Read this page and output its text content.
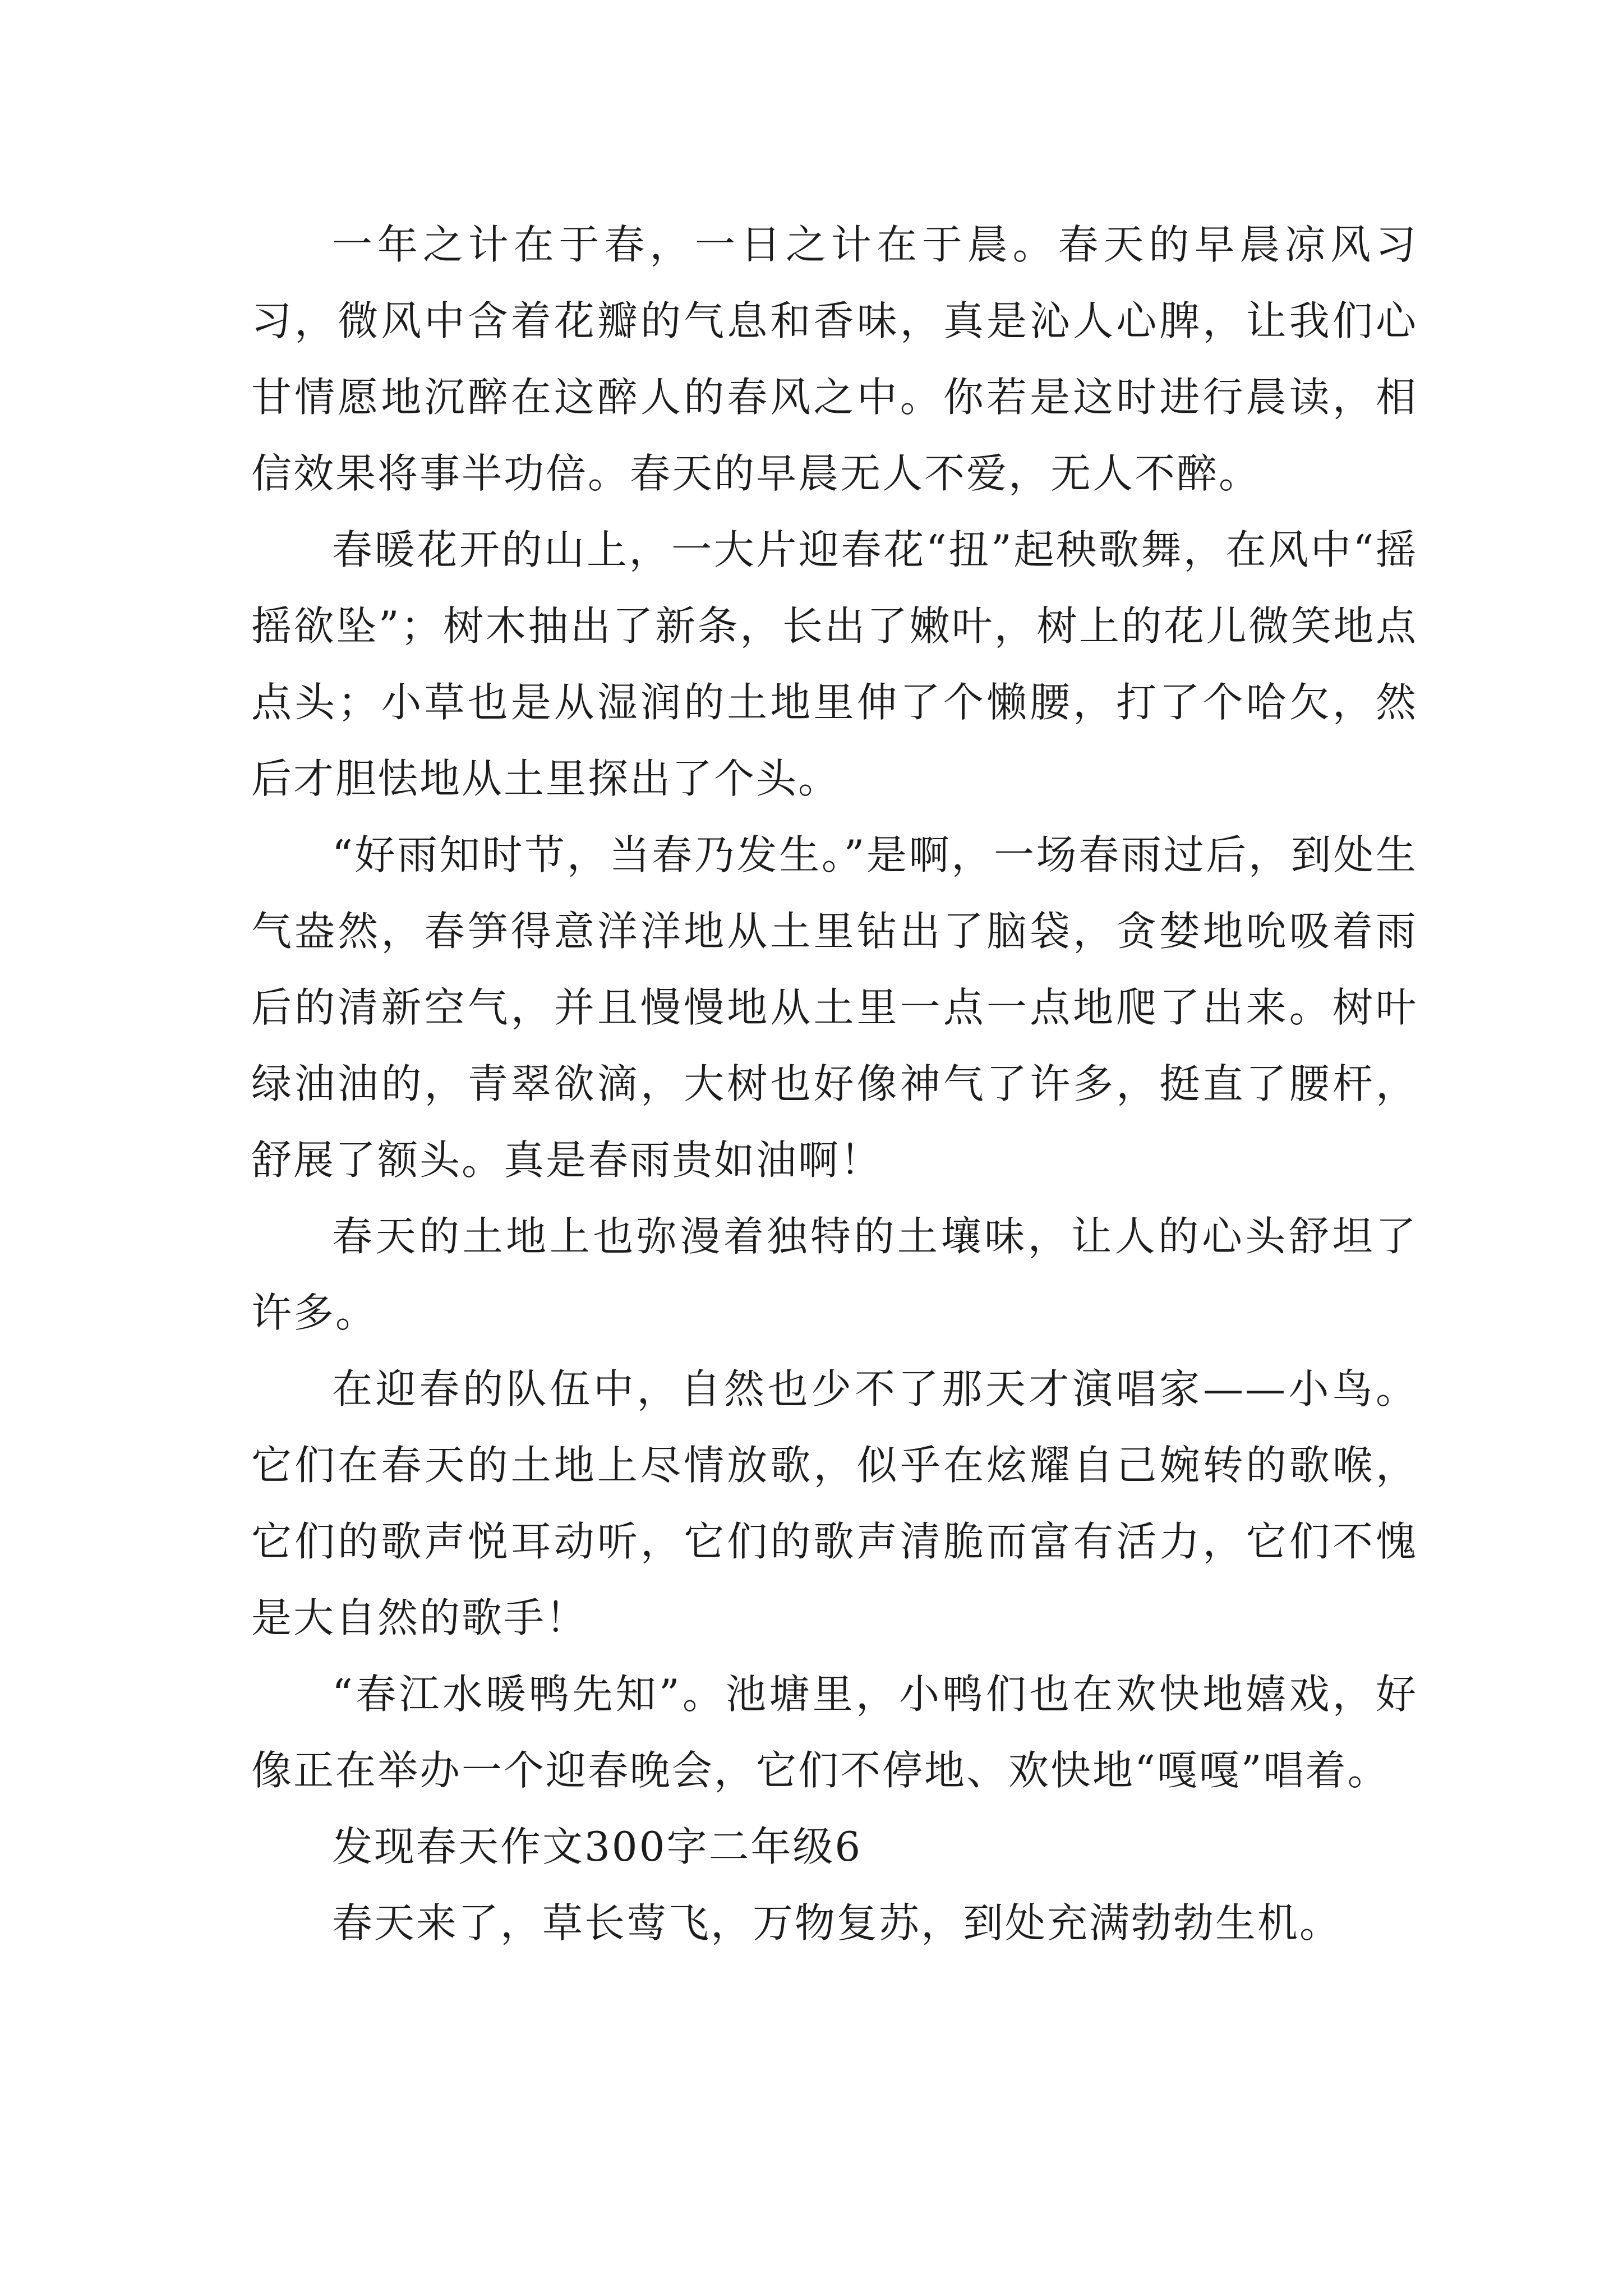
一年之计在于春，一日之计在于晨。春天的早晨凉风习习，微风中含着花瓣的气息和香味，真是沁人心脾，让我们心甘情愿地沉醉在这醉人的春风之中。你若是这时进行晨读，相信效果将事半功倍。春天的早晨无人不爱，无人不醉。

春暖花开的山上，一大片迎春花“扭”起秧歌舞，在风中“摇摇欲坠”；树木抽出了新条，长出了嫩叶，树上的花儿微笑地点点头；小草也是从湿润的土地里伸了个懒腰，打了个哈欠，然后才胆怯地从土里探出了个头。

“好雨知时节，当春乃发生。”是啊，一场春雨过后，到处生气盎然，春笋得意洋洋地从土里钻出了脑袋，贪婪地吮吸着雨后的清新空气，并且慢慢地从土里一点一点地爬了出来。树叶绿油油的，青翠欲滴，大树也好像神气了许多，挺直了腰杆，舒展了额头。真是春雨贵如油啊！

春天的土地上也弥漫着独特的土壤味，让人的心头舒坦了许多。

在迎春的队伍中，自然也少不了那天才演唱家——小鸟。它们在春天的土地上尽情放歌，似乎在炫耀自己婉转的歌喉，它们的歌声悦耳动听，它们的歌声清脆而富有活力，它们不愧是大自然的歌手！

“春江水暖鸭先知”。池塘里，小鸭们也在欢快地嬉戏，好像正在举办一个迎春晚会，它们不停地、欢快地“嘎嘎”唱着。

发现春天作文300字二年级6

春天来了，草长莺飞，万物复苏，到处充满勃勃生机。
